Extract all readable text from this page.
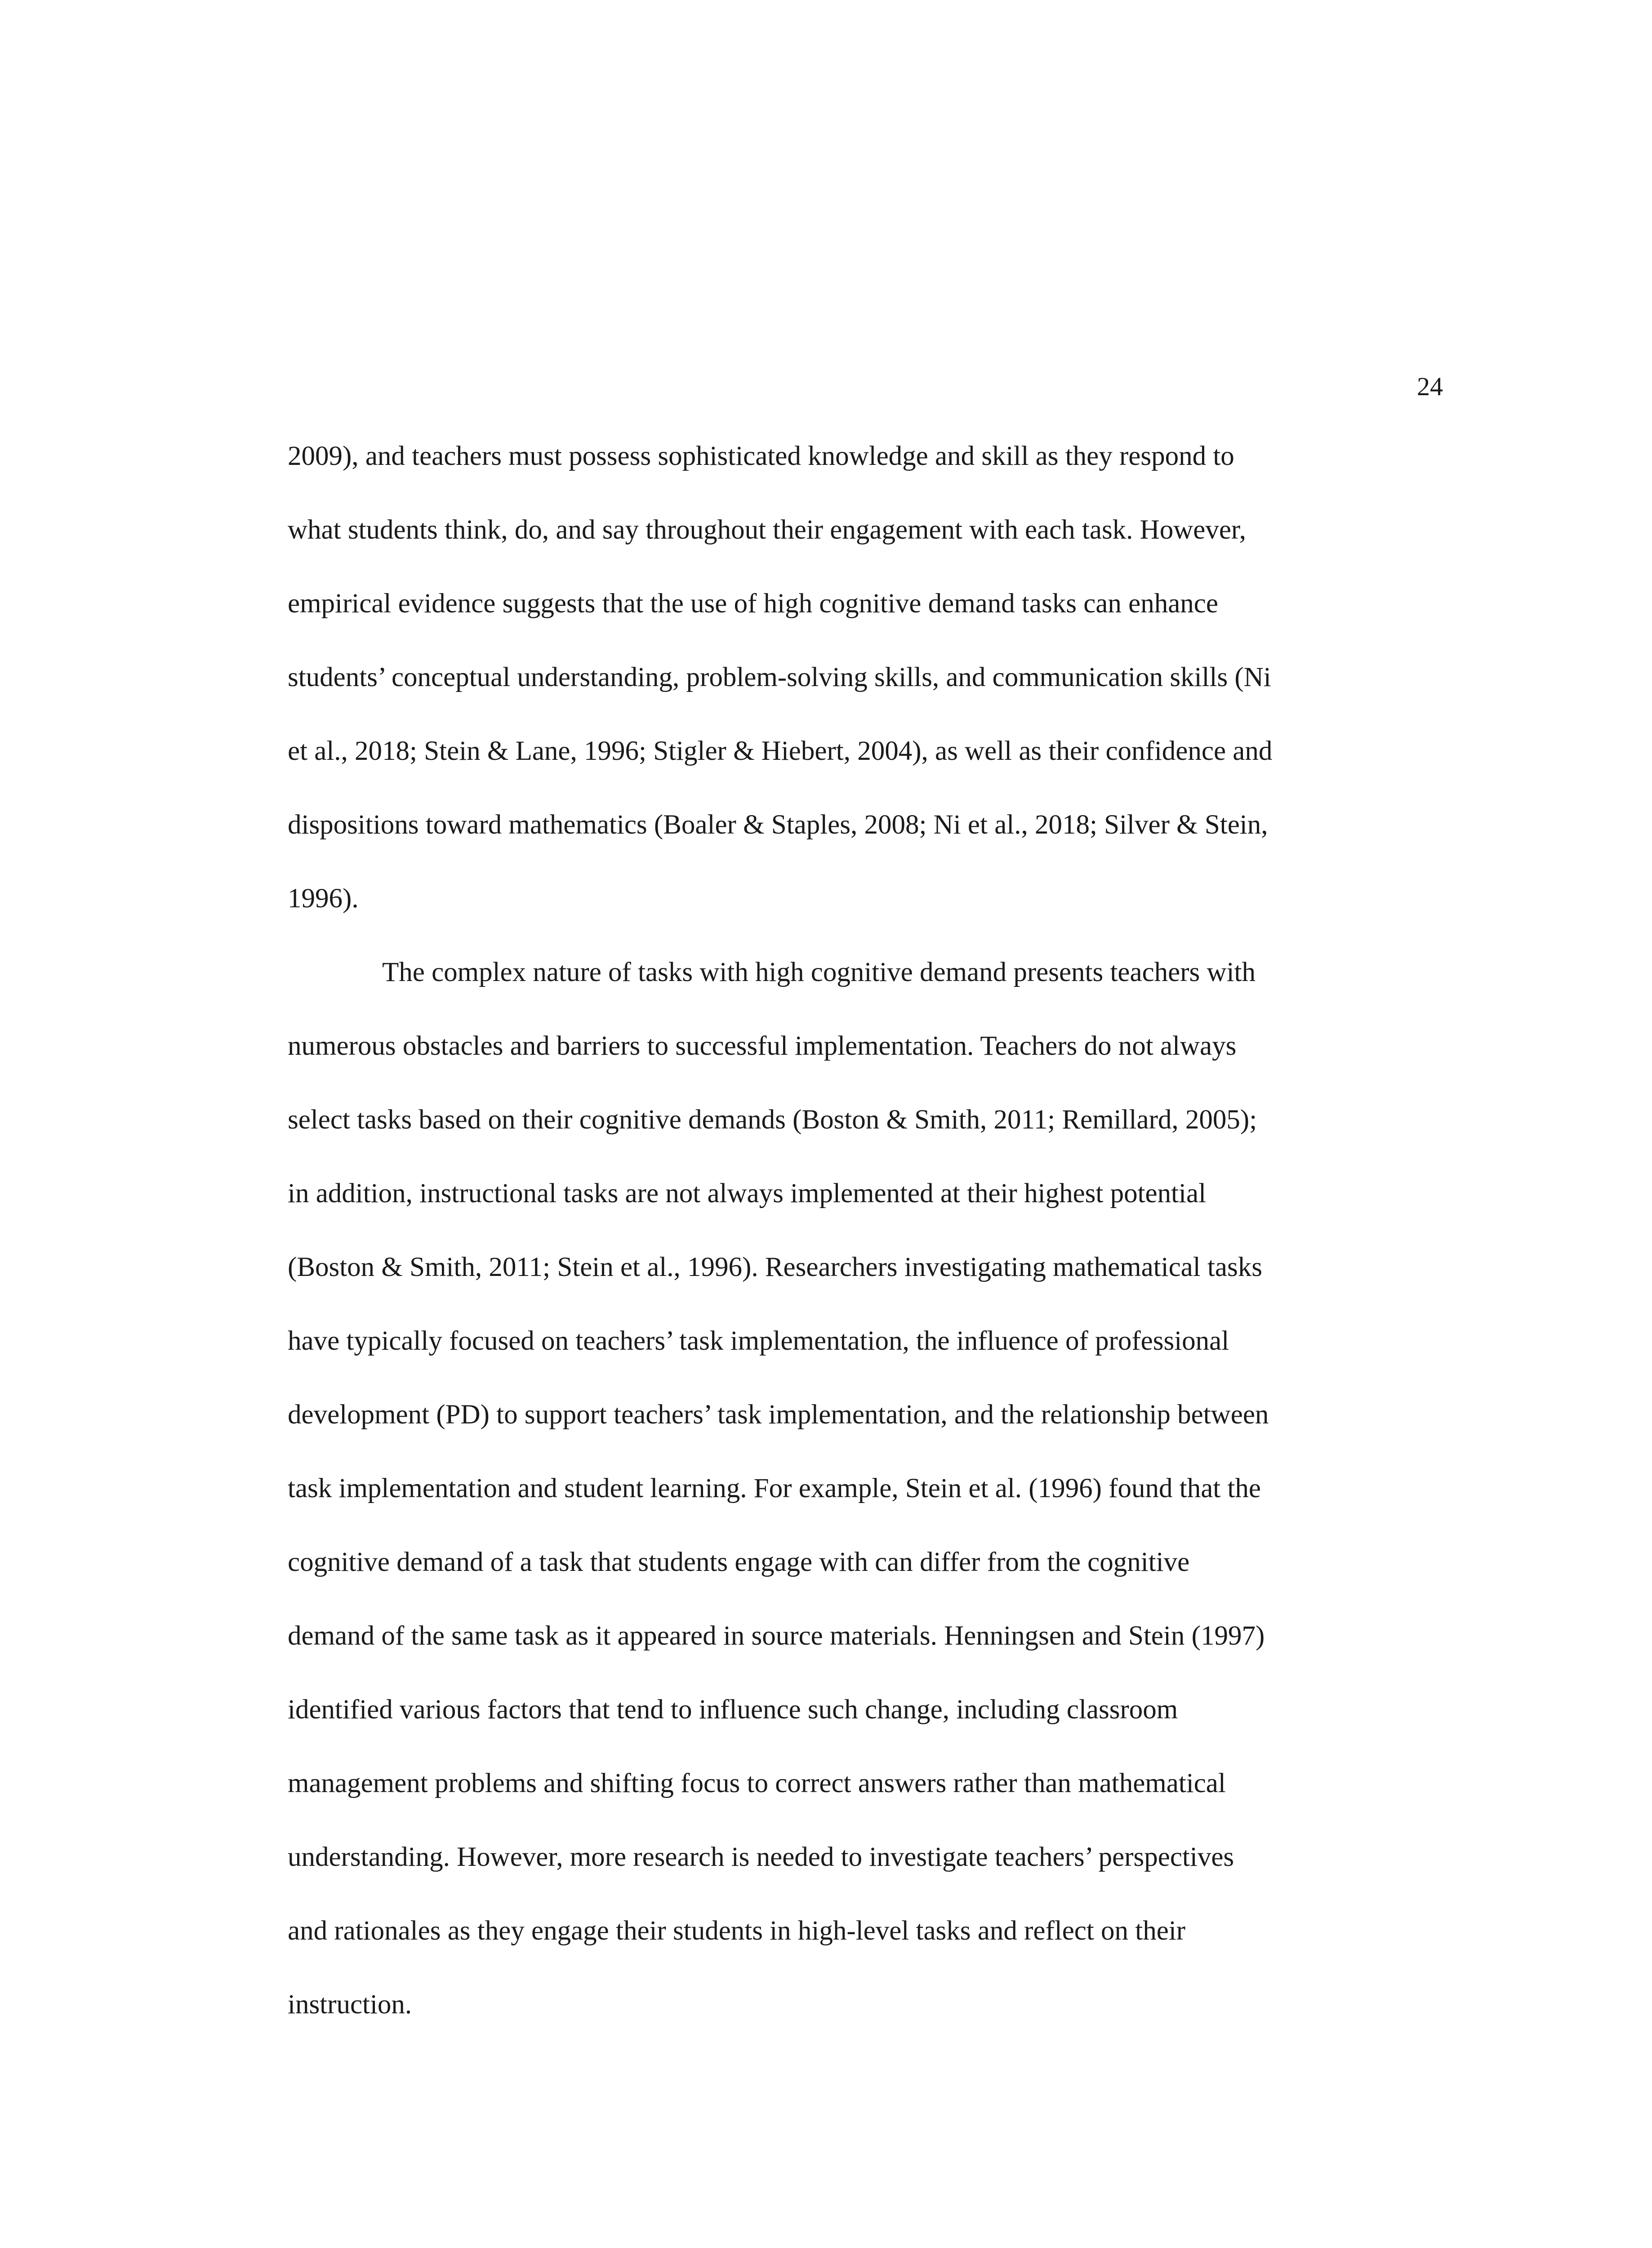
24
2009), and teachers must possess sophisticated knowledge and skill as they respond to
what students think, do, and say throughout their engagement with each task. However,
empirical evidence suggests that the use of high cognitive demand tasks can enhance
students’ conceptual understanding, problem-solving skills, and communication skills (Ni
et al., 2018; Stein & Lane, 1996; Stigler & Hiebert, 2004), as well as their confidence and
dispositions toward mathematics (Boaler & Staples, 2008; Ni et al., 2018; Silver & Stein,
1996).
The complex nature of tasks with high cognitive demand presents teachers with
numerous obstacles and barriers to successful implementation. Teachers do not always
select tasks based on their cognitive demands (Boston & Smith, 2011; Remillard, 2005);
in addition, instructional tasks are not always implemented at their highest potential
(Boston & Smith, 2011; Stein et al., 1996). Researchers investigating mathematical tasks
have typically focused on teachers’ task implementation, the influence of professional
development (PD) to support teachers’ task implementation, and the relationship between
task implementation and student learning. For example, Stein et al. (1996) found that the
cognitive demand of a task that students engage with can differ from the cognitive
demand of the same task as it appeared in source materials. Henningsen and Stein (1997)
identified various factors that tend to influence such change, including classroom
management problems and shifting focus to correct answers rather than mathematical
understanding. However, more research is needed to investigate teachers’ perspectives
and rationales as they engage their students in high-level tasks and reflect on their
instruction.
